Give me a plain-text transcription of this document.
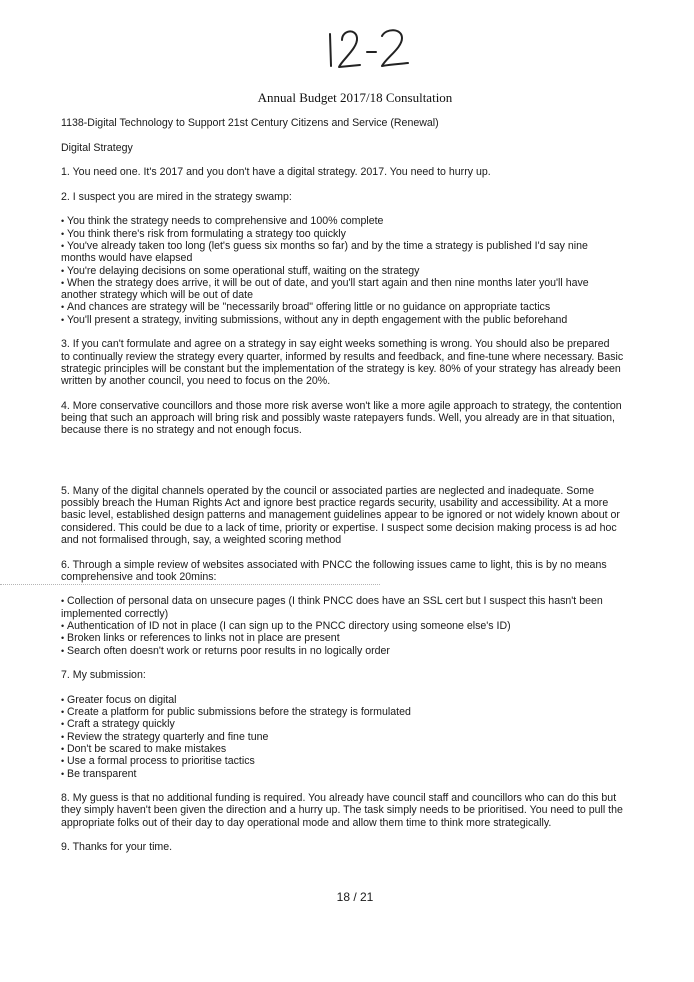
Annual Budget 2017/18 Consultation

1138-Digital Technology to Support 21st Century Citizens and Service (Renewal)

Digital Strategy

1. You need one. It's 2017 and you don't have a digital strategy. 2017. You need to hurry up.

2. I suspect you are mired in the strategy swamp:

• You think the strategy needs to comprehensive and 100% complete

• You think there's risk from formulating a strategy too quickly

• You've already taken too long (let's guess six months so far) and by the time a strategy is published I'd say nine

months would have elapsed

• You're delaying decisions on some operational stuff, waiting on the strategy

• When the strategy does arrive, it will be out of date, and you'll start again and then nine months later you'll have

another strategy which will be out of date

• And chances are strategy will be "necessarily broad" offering little or no guidance on appropriate tactics

• You'll present a strategy, inviting submissions, without any in depth engagement with the public beforehand

3. If you can't formulate and agree on a strategy in say eight weeks something is wrong. You should also be prepared

to continually review the strategy every quarter, informed by results and feedback, and fine-tune where necessary. Basic

strategic principles will be constant but the implementation of the strategy is key. 80% of your strategy has already been

written by another council, you need to focus on the 20%.

4. More conservative councillors and those more risk averse won't like a more agile approach to strategy, the contention

being that such an approach will bring risk and possibly waste ratepayers funds. Well, you already are in that situation,

because there is no strategy and not enough focus.

5. Many of the digital channels operated by the council or associated parties are neglected and inadequate. Some

possibly breach the Human Rights Act and ignore best practice regards security, usability and accessibility. At a more

basic level, established design patterns and management guidelines appear to be ignored or not widely known about or

considered. This could be due to a lack of time, priority or expertise. I suspect some decision making process is ad hoc

and not formalised through, say, a weighted scoring method

6. Through a simple review of websites associated with PNCC the following issues came to light, this is by no means

comprehensive and took 20mins:

• Collection of personal data on unsecure pages (I think PNCC does have an SSL cert but I suspect this hasn't been

implemented correctly)

• Authentication of ID not in place (I can sign up to the PNCC directory using someone else's ID)

• Broken links or references to links not in place are present

• Search often doesn't work or returns poor results in no logically order

7. My submission:

• Greater focus on digital

• Create a platform for public submissions before the strategy is formulated

• Craft a strategy quickly

• Review the strategy quarterly and fine tune

• Don't be scared to make mistakes

• Use a formal process to prioritise tactics

• Be transparent

8. My guess is that no additional funding is required. You already have council staff and councillors who can do this but

they simply haven't been given the direction and a hurry up. The task simply needs to be prioritised. You need to pull the

appropriate folks out of their day to day operational mode and allow them time to think more strategically.

9. Thanks for your time.

18 / 21
